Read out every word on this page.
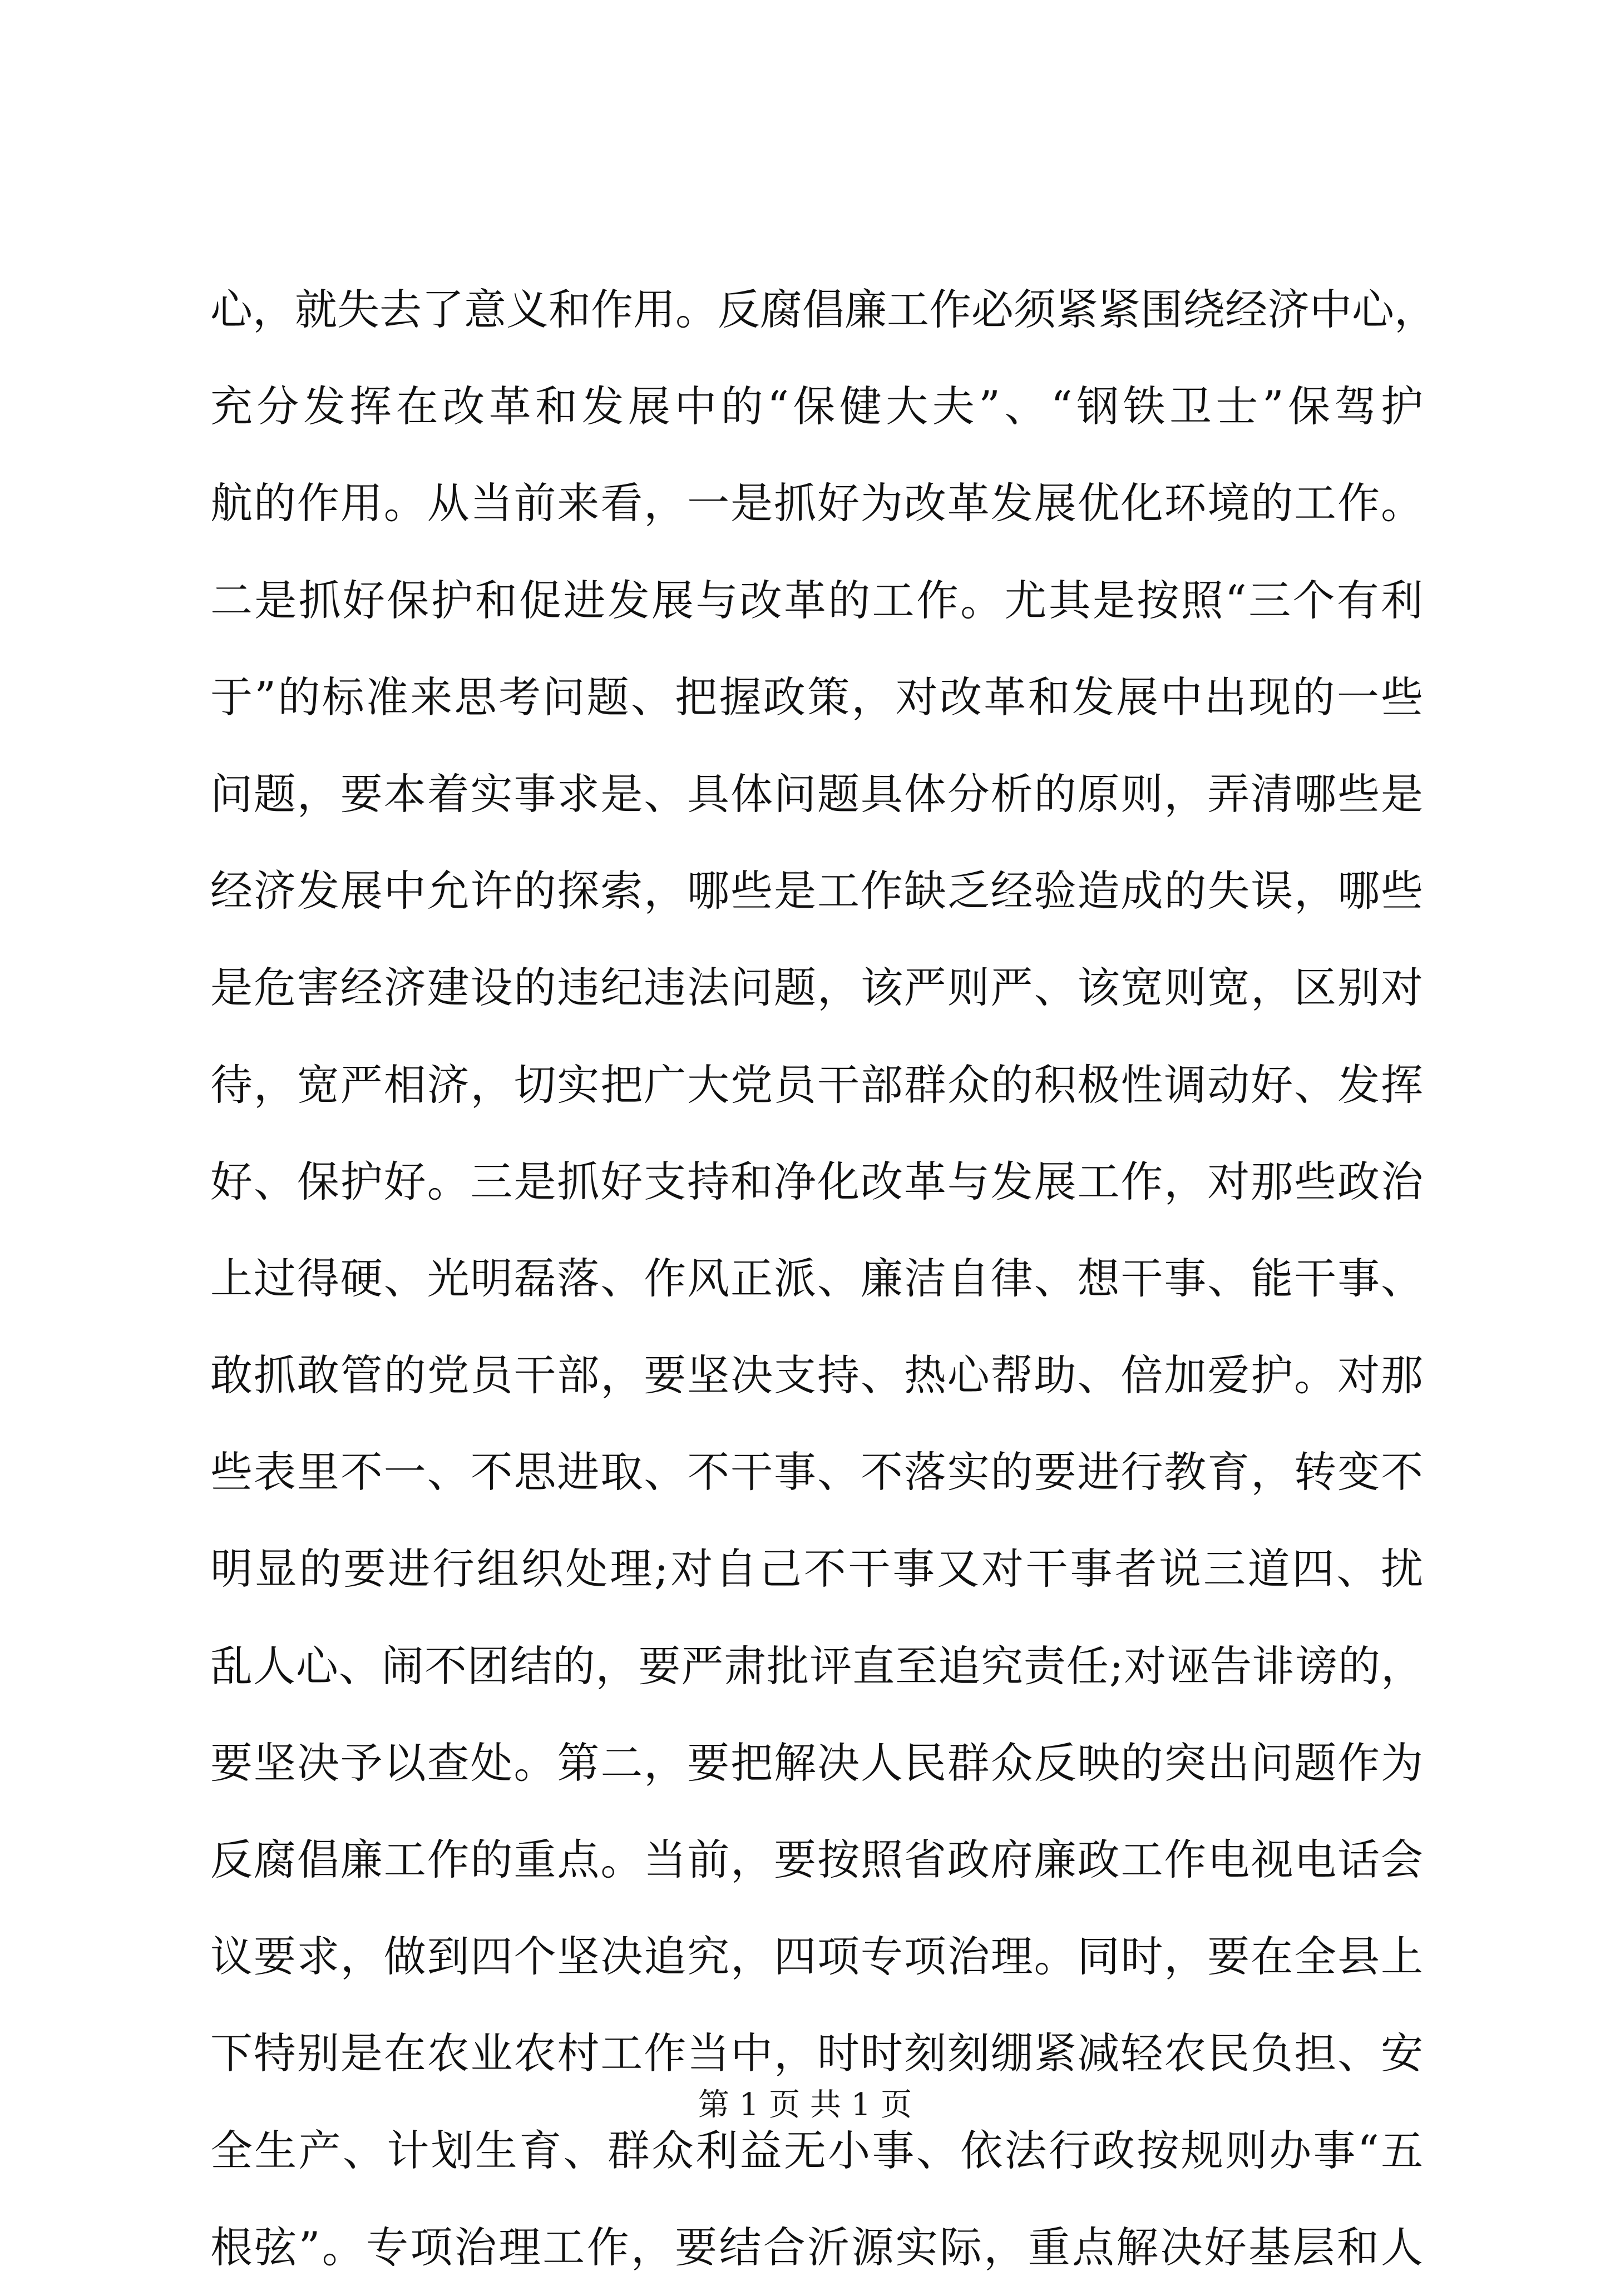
心，就失去了意义和作用。反腐倡廉工作必须紧紧围绕经济中心，
充分发挥在改革和发展中的“保健大夫”、“钢铁卫士”保驾护
航的作用。从当前来看，一是抓好为改革发展优化环境的工作。
二是抓好保护和促进发展与改革的工作。尤其是按照“三个有利
于”的标准来思考问题、把握政策，对改革和发展中出现的一些
问题，要本着实事求是、具体问题具体分析的原则，弄清哪些是
经济发展中允许的探索，哪些是工作缺乏经验造成的失误，哪些
是危害经济建设的违纪违法问题，该严则严、该宽则宽，区别对
待，宽严相济，切实把广大党员干部群众的积极性调动好、发挥
好、保护好。三是抓好支持和净化改革与发展工作，对那些政治
上过得硬、光明磊落、作风正派、廉洁自律、想干事、能干事、
敢抓敢管的党员干部，要坚决支持、热心帮助、倍加爱护。对那
些表里不一、不思进取、不干事、不落实的要进行教育，转变不
明显的要进行组织处理;对自己不干事又对干事者说三道四、扰
乱人心、闹不团结的，要严肃批评直至追究责任;对诬告诽谤的，
要坚决予以查处。第二，要把解决人民群众反映的突出问题作为
反腐倡廉工作的重点。当前，要按照省政府廉政工作电视电话会
议要求，做到四个坚决追究，四项专项治理。同时，要在全县上
下特别是在农业农村工作当中，时时刻刻绷紧减轻农民负担、安
全生产、计划生育、群众利益无小事、依法行政按规则办事“五
根弦”。专项治理工作，要结合沂源实际，重点解决好基层和人
第 1 页 共 1 页
